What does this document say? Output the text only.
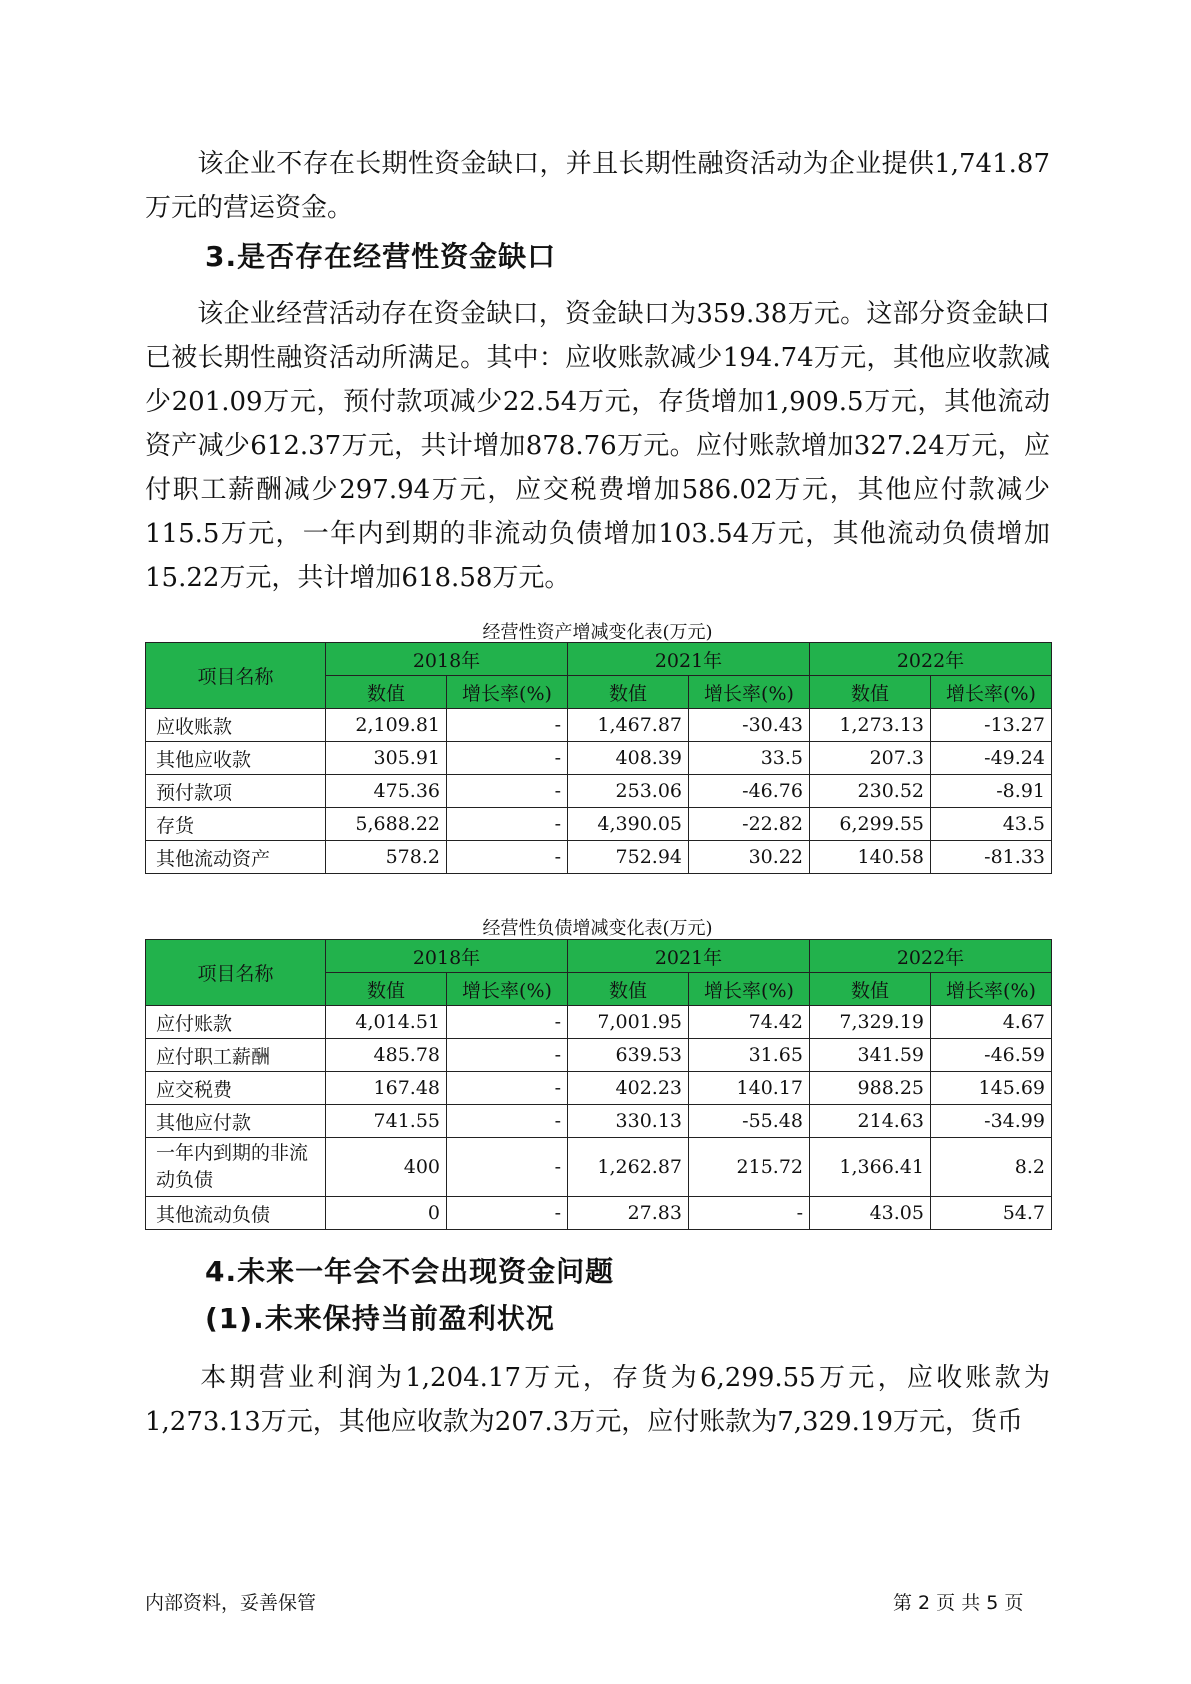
该企业不存在长期性资金缺口，并且长期性融资活动为企业提供1,741.87万元的营运资金。

3.是否存在经营性资金缺口

该企业经营活动存在资金缺口，资金缺口为359.38万元。这部分资金缺口已被长期性融资活动所满足。其中：应收账款减少194.74万元，其他应收款减少201.09万元，预付款项减少22.54万元，存货增加1,909.5万元，其他流动资产减少612.37万元，共计增加878.76万元。应付账款增加327.24万元，应付职工薪酬减少297.94万元，应交税费增加586.02万元，其他应付款减少115.5万元，一年内到期的非流动负债增加103.54万元，其他流动负债增加15.22万元，共计增加618.58万元。

经营性资产增减变化表(万元)
项目名称	2018年		2021年		2022年	
	数值	增长率(%)	数值	增长率(%)	数值	增长率(%)
应收账款	2,109.81	-	1,467.87	-30.43	1,273.13	-13.27
其他应收款	305.91	-	408.39	33.5	207.3	-49.24
预付款项	475.36	-	253.06	-46.76	230.52	-8.91
存货	5,688.22	-	4,390.05	-22.82	6,299.55	43.5
其他流动资产	578.2	-	752.94	30.22	140.58	-81.33
经营性负债增减变化表(万元)
项目名称	2018年		2021年		2022年	
	数值	增长率(%)	数值	增长率(%)	数值	增长率(%)
应付账款	4,014.51	-	7,001.95	74.42	7,329.19	4.67
应付职工薪酬	485.78	-	639.53	31.65	341.59	-46.59
应交税费	167.48	-	402.23	140.17	988.25	145.69
其他应付款	741.55	-	330.13	-55.48	214.63	-34.99
一年内到期的非流动负债	400	-	1,262.87	215.72	1,366.41	8.2
其他流动负债	0	-	27.83	-	43.05	54.7
4.未来一年会不会出现资金问题
(1).未来保持当前盈利状况

本期营业利润为1,204.17万元，存货为6,299.55万元，应收账款为1,273.13万元，其他应收款为207.3万元，应付账款为7,329.19万元，货币

内部资料，妥善保管	第 2 页 共 5 页
